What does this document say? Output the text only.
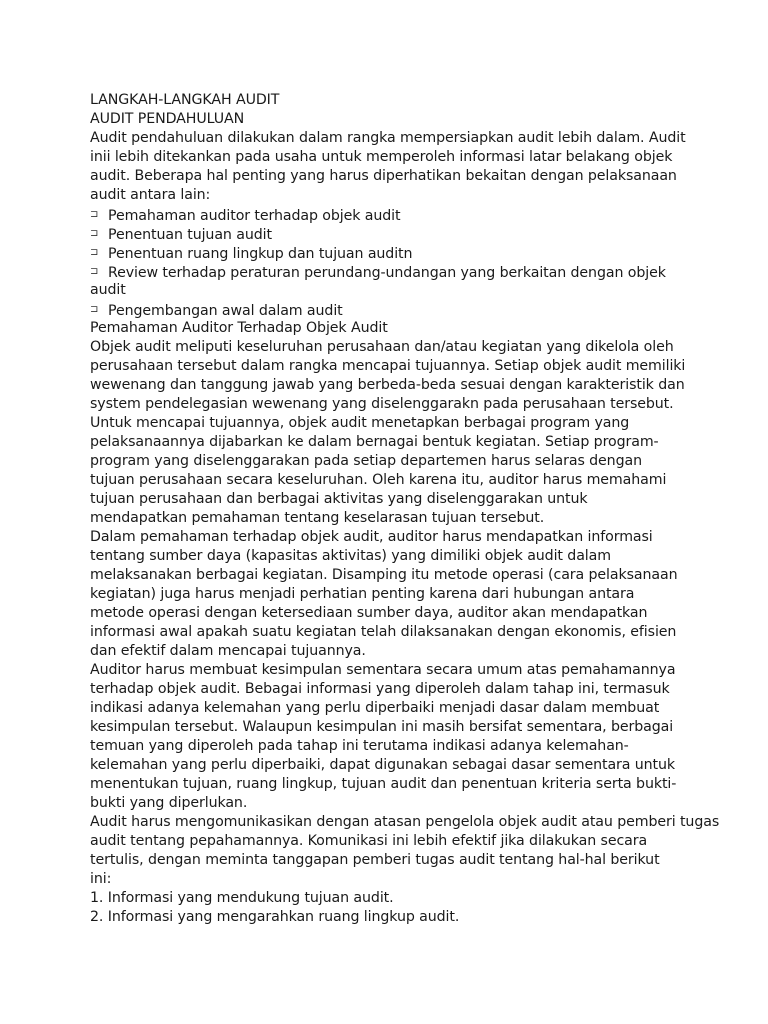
LANGKAH-LANGKAH AUDIT
AUDIT PENDAHULUAN
Audit pendahuluan dilakukan dalam rangka mempersiapkan audit lebih dalam. Audit
inii lebih ditekankan pada usaha untuk memperoleh informasi latar belakang objek
audit. Beberapa hal penting yang harus diperhatikan bekaitan dengan pelaksanaan
audit antara lain:
⊐ Pemahaman auditor terhadap objek audit
⊐ Penentuan tujuan audit
⊐ Penentuan ruang lingkup dan tujuan auditn
⊐ Review terhadap peraturan perundang-undangan yang berkaitan dengan objek
audit
⊐ Pengembangan awal dalam audit
Pemahaman Auditor Terhadap Objek Audit
Objek audit meliputi keseluruhan perusahaan dan/atau kegiatan yang dikelola oleh
perusahaan tersebut dalam rangka mencapai tujuannya. Setiap objek audit memiliki
wewenang dan tanggung jawab yang berbeda-beda sesuai dengan karakteristik dan
system pendelegasian wewenang yang diselenggarakn pada perusahaan tersebut.
Untuk mencapai tujuannya, objek audit menetapkan berbagai program yang
pelaksanaannya dijabarkan ke dalam bernagai bentuk kegiatan. Setiap program-
program yang diselenggarakan pada setiap departemen harus selaras dengan
tujuan perusahaan secara keseluruhan. Oleh karena itu, auditor harus memahami
tujuan perusahaan dan berbagai aktivitas yang diselenggarakan untuk
mendapatkan pemahaman tentang keselarasan tujuan tersebut.
Dalam pemahaman terhadap objek audit, auditor harus mendapatkan informasi
tentang sumber daya (kapasitas aktivitas) yang dimiliki objek audit dalam
melaksanakan berbagai kegiatan. Disamping itu metode operasi (cara pelaksanaan
kegiatan) juga harus menjadi perhatian penting karena dari hubungan antara
metode operasi dengan ketersediaan sumber daya, auditor akan mendapatkan
informasi awal apakah suatu kegiatan telah dilaksanakan dengan ekonomis, efisien
dan efektif dalam mencapai tujuannya.
Auditor harus membuat kesimpulan sementara secara umum atas pemahamannya
terhadap objek audit. Bebagai informasi yang diperoleh dalam tahap ini, termasuk
indikasi adanya kelemahan yang perlu diperbaiki menjadi dasar dalam membuat
kesimpulan tersebut. Walaupun kesimpulan ini masih bersifat sementara, berbagai
temuan yang diperoleh pada tahap ini terutama indikasi adanya kelemahan-
kelemahan yang perlu diperbaiki, dapat digunakan sebagai dasar sementara untuk
menentukan tujuan, ruang lingkup, tujuan audit dan penentuan kriteria serta bukti-
bukti yang diperlukan.
Audit harus mengomunikasikan dengan atasan pengelola objek audit atau pemberi tugas
audit tentang pepahamannya. Komunikasi ini lebih efektif jika dilakukan secara
tertulis, dengan meminta tanggapan pemberi tugas audit tentang hal-hal berikut
ini:
1. Informasi yang mendukung tujuan audit.
2. Informasi yang mengarahkan ruang lingkup audit.
